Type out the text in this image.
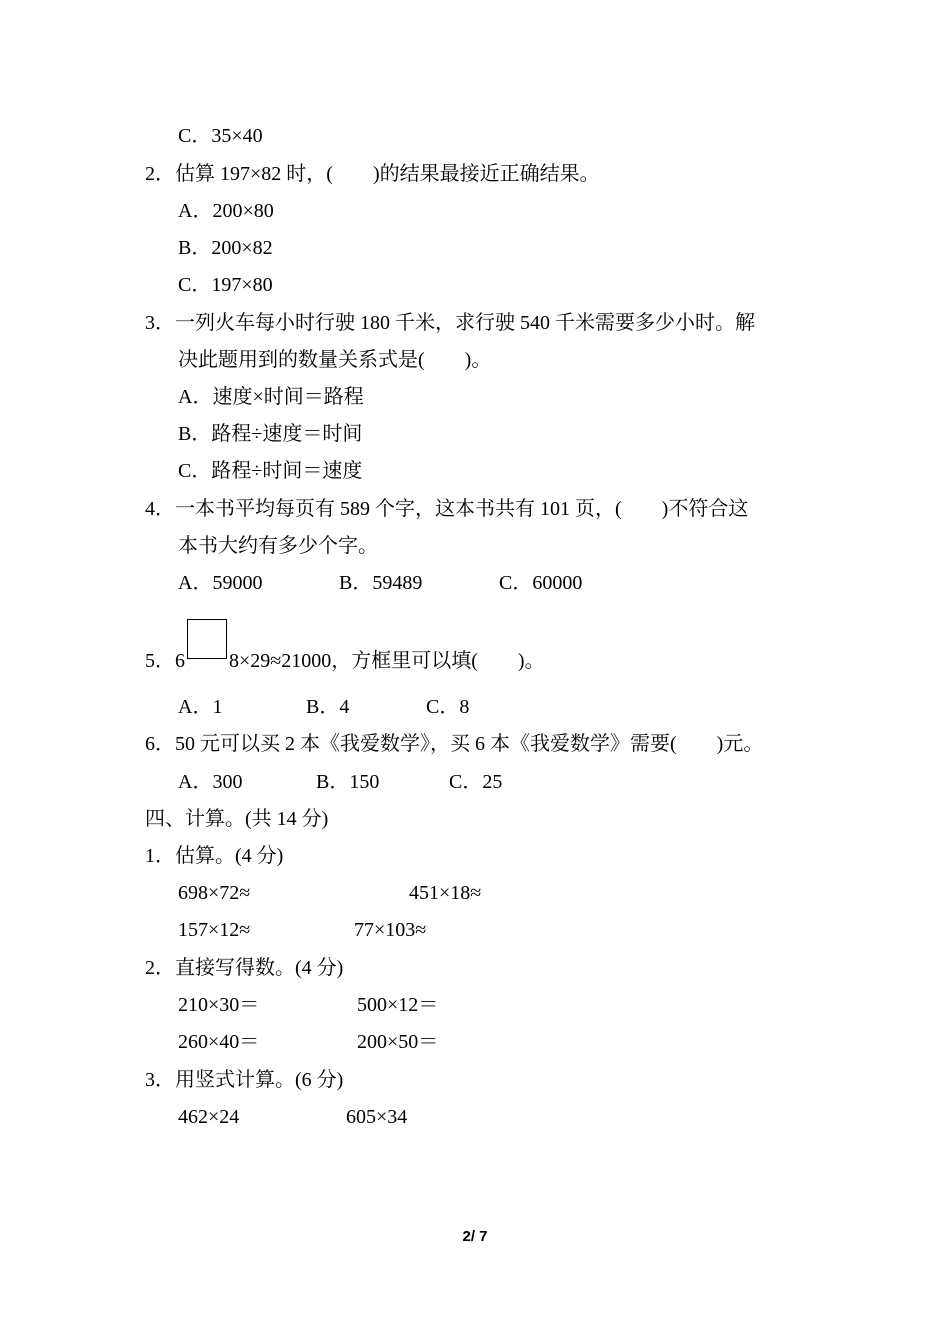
C．35×40
2．估算 197×82 时，(　　)的结果最接近正确结果。
A．200×80
B．200×82
C．197×80
3．一列火车每小时行驶 180 千米，求行驶 540 千米需要多少小时。解
决此题用到的数量关系式是(　　)。
A．速度×时间＝路程
B．路程÷速度＝时间
C．路程÷时间＝速度
4．一本书平均每页有 589 个字，这本书共有 101 页，(　　)不符合这
本书大约有多少个字。
A．59000	B．59489	C．60000
5．6 8×29≈21000，方框里可以填(　　)。
A．1	B．4	C．8
6．50 元可以买 2 本《我爱数学》，买 6 本《我爱数学》需要(　　)元。
A．300	B．150	C．25
四、计算。(共 14 分)
1．估算。(4 分)
698×72≈	451×18≈
157×12≈	77×103≈
2．直接写得数。(4 分)
210×30＝	500×12＝
260×40＝	200×50＝
3．用竖式计算。(6 分)
462×24	605×34
2/ 7
